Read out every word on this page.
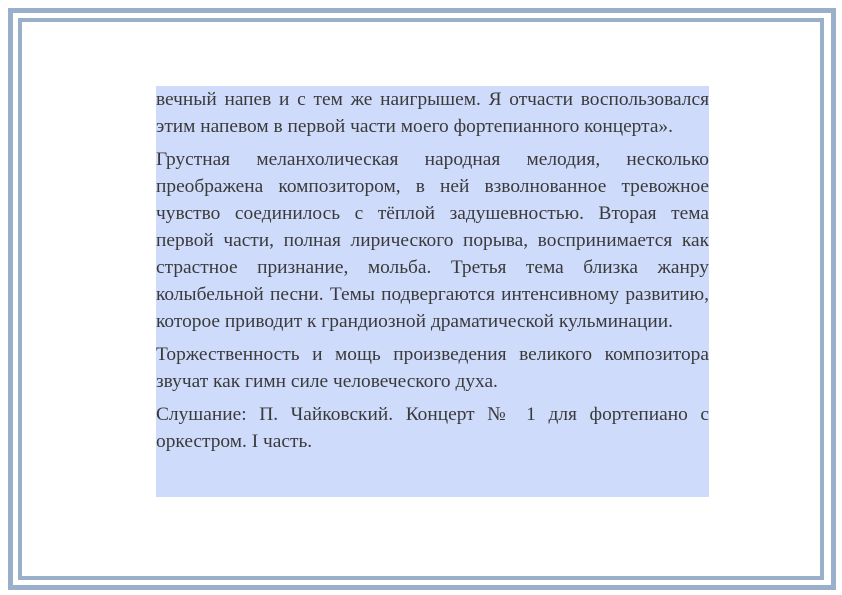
вечный напев и с тем же наигрышем. Я отчасти воспользовался этим напевом в первой части моего фортепианного концерта».

Грустная меланхолическая народная мелодия, несколько преображена композитором, в ней взволнованное тревожное чувство соединилось с тёплой задушевностью. Вторая тема первой части, полная лирического порыва, воспринимается как страстное признание, мольба. Третья тема близка жанру колыбельной песни. Темы подвергаются интенсивному развитию, которое приводит к грандиозной драматической кульминации.

Торжественность и мощь произведения великого композитора звучат как гимн силе человеческого духа.

Слушание: П. Чайковский. Концерт № 1 для фортепиано с оркестром. I часть.
